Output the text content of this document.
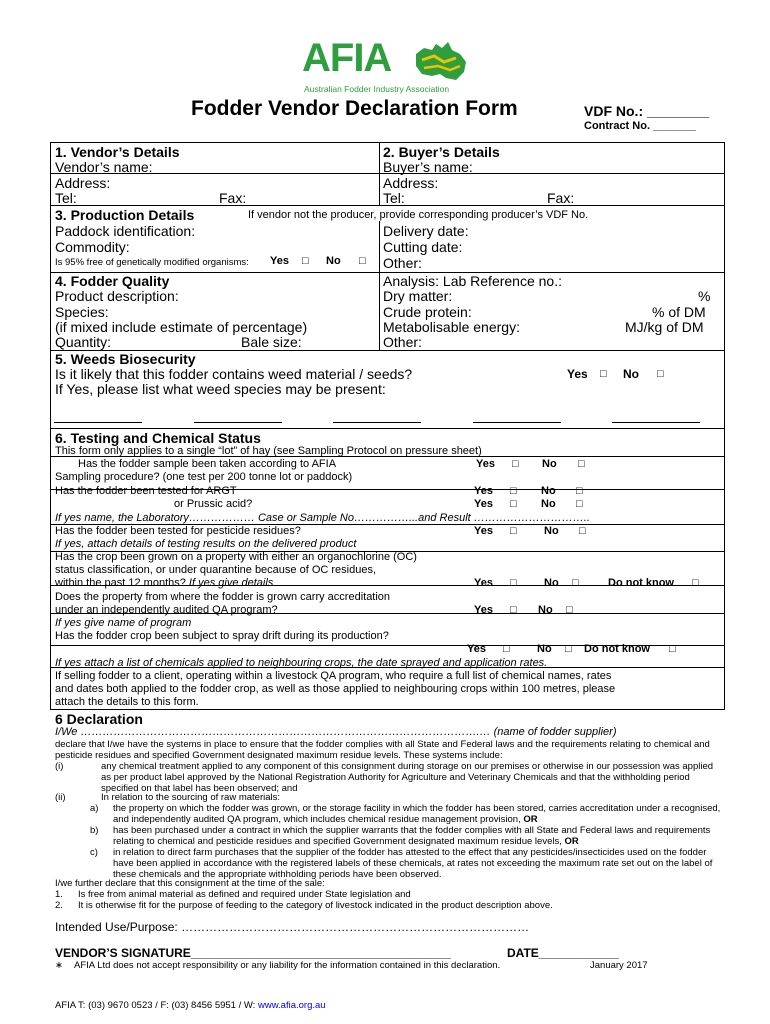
AFIA
Australian Fodder Industry Association
Fodder Vendor Declaration Form	VDF No.: ________
Contract No. _______
1. Vendor’s Details
Vendor’s name:
Address:
Tel:	Fax:
2. Buyer’s Details
Buyer’s name:
Address:
Tel:	Fax:
3. Production Details	If vendor not the producer, provide corresponding producer’s VDF No.
Paddock identification:
Commodity:
Is 95% free of genetically modified organisms: Yes □ No □
Delivery date:
Cutting date:
Other:
4. Fodder Quality
Product description:
Species:
(if mixed include estimate of percentage)
Quantity:	Bale size:
Analysis: Lab Reference no.:
Dry matter:	%
Crude protein:	% of DM
Metabolisable energy:	MJ/kg of DM
Other:
5. Weeds Biosecurity
Is it likely that this fodder contains weed material / seeds?	Yes □ No □
If Yes, please list what weed species may be present:
6. Testing and Chemical Status
This form only applies to a single “lot” of hay (see Sampling Protocol on pressure sheet)
Has the fodder sample been taken according to AFIA
Sampling procedure? (one test per 200 tonne lot or paddock)
Yes □ No □
Has the fodder been tested for ARGT
or Prussic acid?
Yes □ No □
Yes □ No □
If yes name, the Laboratory……………… Case or Sample No……………...and Result …………………………..
Has the fodder been tested for pesticide residues?	Yes □ No □
If yes, attach details of testing results on the delivered product
Has the crop been grown on a property with either an organochlorine (OC)
status classification, or under quarantine because of OC residues,
within the past 12 months? If yes give details	Yes □ No □	Do not know □
Does the property from where the fodder is grown carry accreditation
under an independently audited QA program?	Yes □ No □
If yes give name of program
Has the fodder crop been subject to spray drift during its production?
Yes □ No □ Do not know □
If yes attach a list of chemicals applied to neighbouring crops, the date sprayed and application rates.
If selling fodder to a client, operating within a livestock QA program, who require a full list of chemical names, rates
and dates both applied to the fodder crop, as well as those applied to neighbouring crops within 100 metres, please
attach the details to this form.
6 Declaration
I/We ……………………………………………………………………………………………….… (name of fodder supplier)
declare that I/we have the systems in place to ensure that the fodder complies with all State and Federal laws and the requirements relating to chemical and pesticide residues and specified Government designated maximum residue levels. These systems include:
(i)	any chemical treatment applied to any component of this consignment during storage on our premises or otherwise in our possession was applied as per product label approved by the National Registration Authority for Agriculture and Veterinary Chemicals and that the withholding period specified on that label has been observed; and
(ii)	In relation to the sourcing of raw materials:
a) the property on which the fodder was grown, or the storage facility in which the fodder has been stored, carries accreditation under a recognised, and independently audited QA program, which includes chemical residue management provision, OR
b) has been purchased under a contract in which the supplier warrants that the fodder complies with all State and Federal laws and requirements relating to chemical and pesticide residues and specified Government designated maximum residue levels, OR
c) in relation to direct farm purchases that the supplier of the fodder has attested to the effect that any pesticides/insecticides used on the fodder have been applied in accordance with the registered labels of these chemicals, at rates not exceeding the maximum rate set out on the label of these chemicals and the appropriate withholding periods have been observed.
I/we further declare that this consignment at the time of the sale:
1. Is free from animal material as defined and required under State legislation and
2. It is otherwise fit for the purpose of feeding to the category of livestock indicated in the product description above.
Intended Use/Purpose: ……………………………………………………………………………
VENDOR’S SIGNATURE_______________________________________	DATE____________
∗ AFIA Ltd does not accept responsibility or any liability for the information contained in this declaration.	January 2017
AFIA T: (03) 9670 0523 / F: (03) 8456 5951 / W: www.afia.org.au
